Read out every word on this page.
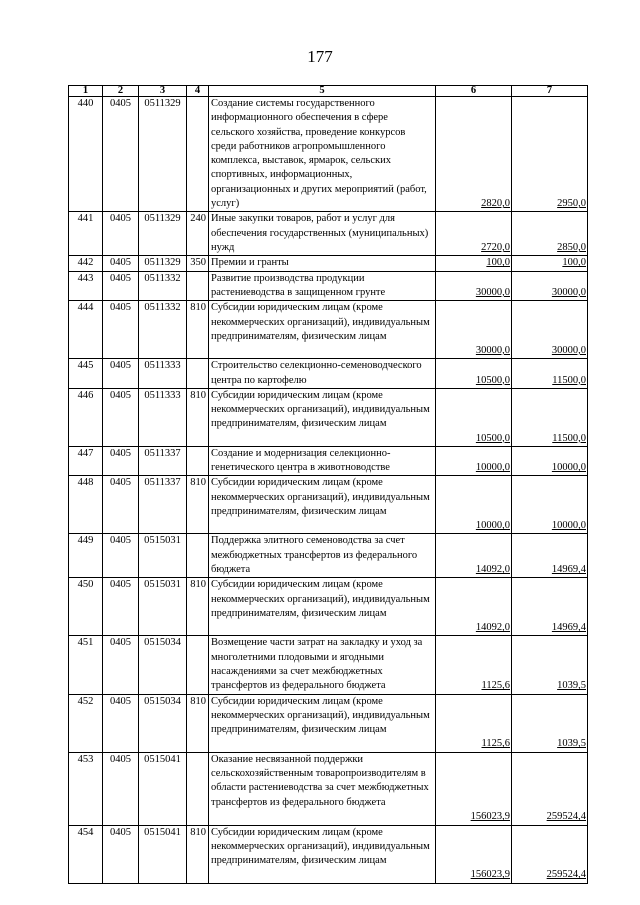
177
1	2	3	4	5	6	7
440	0405	0511329		Создание системы государственного информационного обеспечения в сфере сельского хозяйства, проведение конкурсов среди работников агропромышленного комплекса, выставок, ярмарок, сельских спортивных, информационных, организационных и других мероприятий (работ, услуг)	2820,0	2950,0
441	0405	0511329	240	Иные закупки товаров, работ и услуг для обеспечения государственных (муниципальных) нужд	2720,0	2850,0
442	0405	0511329	350	Премии и гранты	100,0	100,0
443	0405	0511332		Развитие производства продукции растениеводства в защищенном грунте	30000,0	30000,0
444	0405	0511332	810	Субсидии юридическим лицам (кроме некоммерческих организаций), индивидуальным предпринимателям, физическим лицам	30000,0	30000,0
445	0405	0511333		Строительство селекционно-семеноводческого центра по картофелю	10500,0	11500,0
446	0405	0511333	810	Субсидии юридическим лицам (кроме некоммерческих организаций), индивидуальным предпринимателям, физическим лицам	10500,0	11500,0
447	0405	0511337		Создание и модернизация селекционно-генетического центра в животноводстве	10000,0	10000,0
448	0405	0511337	810	Субсидии юридическим лицам (кроме некоммерческих организаций), индивидуальным предпринимателям, физическим лицам	10000,0	10000,0
449	0405	0515031		Поддержка элитного семеноводства за счет межбюджетных трансфертов из федерального бюджета	14092,0	14969,4
450	0405	0515031	810	Субсидии юридическим лицам (кроме некоммерческих организаций), индивидуальным предпринимателям, физическим лицам	14092,0	14969,4
451	0405	0515034		Возмещение части затрат на закладку и уход за многолетними плодовыми и ягодными насаждениями за счет межбюджетных трансфертов из федерального бюджета	1125,6	1039,5
452	0405	0515034	810	Субсидии юридическим лицам (кроме некоммерческих организаций), индивидуальным предпринимателям, физическим лицам	1125,6	1039,5
453	0405	0515041		Оказание несвязанной поддержки сельскохозяйственным товаропроизводителям в области растениеводства за счет межбюджетных трансфертов из федерального бюджета	156023,9	259524,4
454	0405	0515041	810	Субсидии юридическим лицам (кроме некоммерческих организаций), индивидуальным предпринимателям, физическим лицам	156023,9	259524,4
